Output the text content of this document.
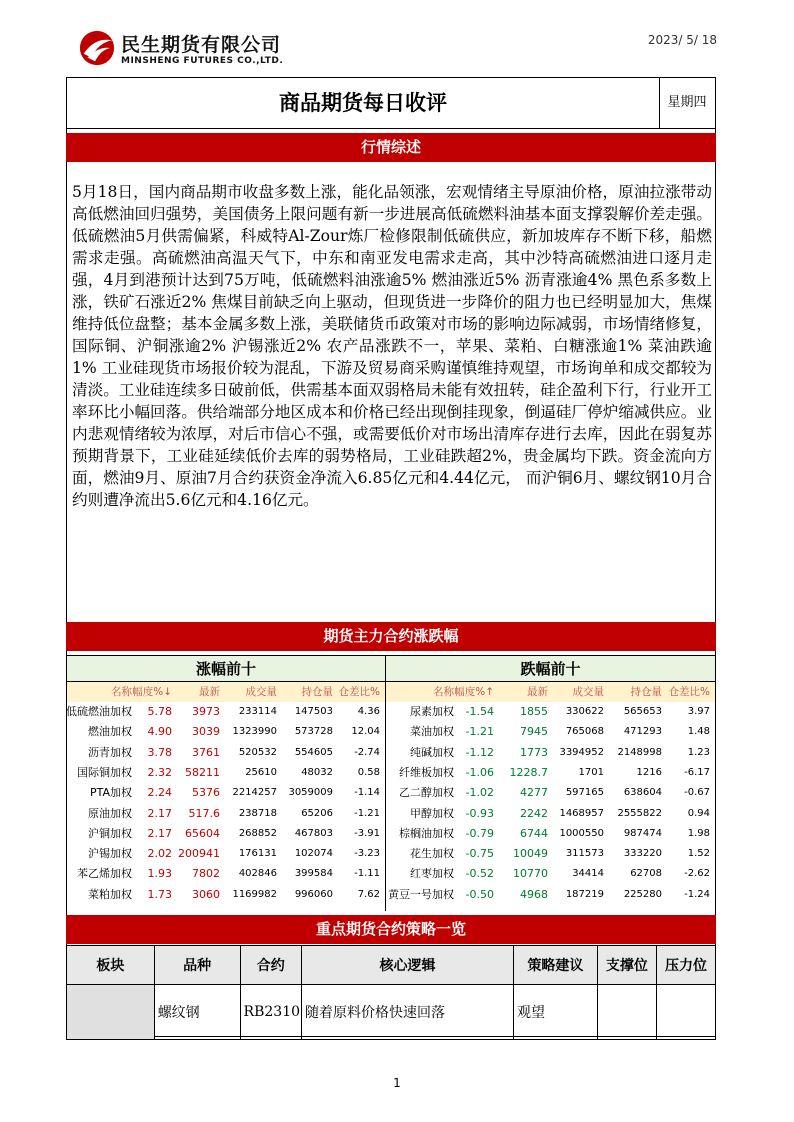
民生期货有限公司
MINSHENG FUTURES CO.,LTD.
2023/ 5/ 18
商品期货每日收评	星期四
行情综述
5月18日，国内商品期市收盘多数上涨，能化品领涨，宏观情绪主导原油价格，原油拉涨带动高低燃油回归强势，美国债务上限问题有新一步进展高低硫燃料油基本面支撑裂解价差走强。低硫燃油5月供需偏紧，科威特Al-Zour炼厂检修限制低硫供应，新加坡库存不断下移，船燃需求走强。高硫燃油高温天气下，中东和南亚发电需求走高，其中沙特高硫燃油进口逐月走强，4月到港预计达到75万吨，低硫燃料油涨逾5% 燃油涨近5% 沥青涨逾4% 黑色系多数上涨，铁矿石涨近2% 焦煤目前缺乏向上驱动，但现货进一步降价的阻力也已经明显加大，焦煤维持低位盘整；基本金属多数上涨，美联储货币政策对市场的影响边际减弱，市场情绪修复，国际铜、沪铜涨逾2% 沪锡涨近2% 农产品涨跌不一，苹果、菜粕、白糖涨逾1% 菜油跌逾1% 工业硅现货市场报价较为混乱，下游及贸易商采购谨慎维持观望，市场询单和成交都较为清淡。工业硅连续多日破前低，供需基本面双弱格局未能有效扭转，硅企盈利下行，行业开工率环比小幅回落。供给端部分地区成本和价格已经出现倒挂现象，倒逼硅厂停炉缩减供应。业内悲观情绪较为浓厚，对后市信心不强，或需要低价对市场出清库存进行去库，因此在弱复苏预期背景下，工业硅延续低价去库的弱势格局，工业硅跌超2%，贵金属均下跌。资金流向方面，燃油9月、原油7月合约获资金净流入6.85亿元和4.44亿元， 而沪铜6月、螺纹钢10月合约则遭净流出5.6亿元和4.16亿元。
期货主力合约涨跌幅
涨幅前十	跌幅前十
名称 幅度%↓	最新	成交量	持仓量 仓差比%	名称 幅度%↑	最新	成交量	持仓量 仓差比%
低硫燃油加权	5.78	3973	233114	147503	4.36
燃油加权	4.90	3039	1323990	573728	12.04
沥青加权	3.78	3761	520532	554605	-2.74
国际铜加权	2.32	58211	25610	48032	0.58
PTA加权	2.24	5376	2214257	3059009	-1.14
原油加权	2.17	517.6	238718	65206	-1.21
沪铜加权	2.17	65604	268852	467803	-3.91
沪锡加权	2.02 200941	176131	102074	-3.23
苯乙烯加权	1.93	7802	402846	399584	-1.11
菜粕加权	1.73	3060	1169982	996060	7.62
尿素加权	-1.54	1855	330622	565653	3.97
菜油加权	-1.21	7945	765068	471293	1.48
纯碱加权	-1.12	1773	3394952	2148998	1.23
纤维板加权	-1.06	1228.7	1701	1216	-6.17
乙二醇加权	-1.02	4277	597165	638604	-0.67
甲醇加权	-0.93	2242	1468957	2555822	0.94
棕榈油加权	-0.79	6744	1000550	987474	1.98
花生加权	-0.75	10049	311573	333220	1.52
红枣加权	-0.52	10770	34414	62708	-2.62
黄豆一号加权	-0.50	4968	187219	225280	-1.24
重点期货合约策略一览
板块	品种	合约	核心逻辑	策略建议	支撑位	压力位
	螺纹钢	RB2310	随着原料价格快速回落	观望		
1
